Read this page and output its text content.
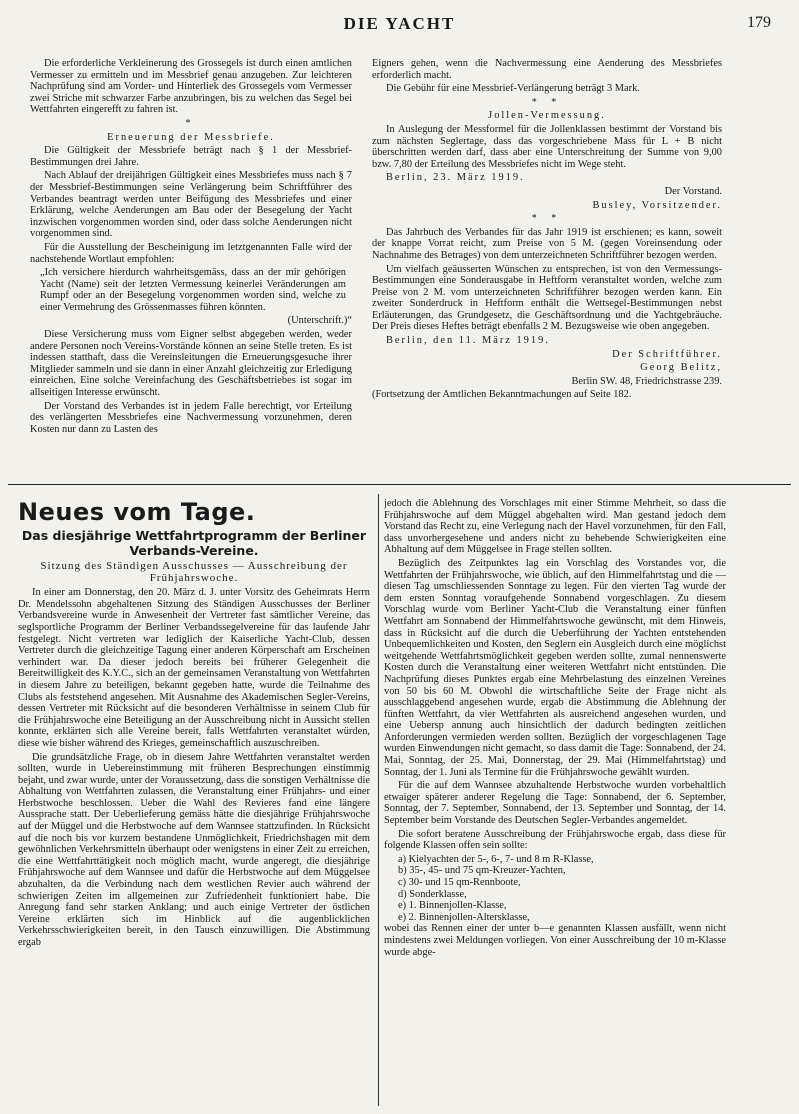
DIE YACHT	179

Die erforderliche Verkleinerung des Grossegels ist durch einen amtlichen Vermesser zu ermitteln und im Messbrief genau anzugeben. Zur leichteren Nachprüfung sind am Vorder- und Hinterliek des Grossegels vom Vermesser zwei Striche mit schwarzer Farbe anzubringen, bis zu welchen das Segel bei Wettfahrten eingerefft zu fahren ist.

*

Erneuerung der Messbriefe.

Die Gültigkeit der Messbriefe beträgt nach § 1 der Messbrief-Bestimmungen drei Jahre.

Nach Ablauf der dreijährigen Gültigkeit eines Messbriefes muss nach § 7 der Messbrief-Bestimmungen seine Verlängerung beim Schriftführer des Verbandes beantragt werden unter Beifügung des Messbriefes und einer Erklärung, welche Aenderungen am Bau oder der Besegelung der Yacht inzwischen vorgenommen worden sind, oder dass solche Aenderungen nicht vorgenommen sind.

Für die Ausstellung der Bescheinigung im letztgenannten Falle wird der nachstehende Wortlaut empfohlen:

„Ich versichere hierdurch wahrheitsgemäss, dass an der mir gehörigen Yacht (Name) seit der letzten Vermessung keinerlei Veränderungen am Rumpf oder an der Besegelung vorgenommen worden sind, welche zu einer Vermehrung des Grössenmasses führen könnten.

(Unterschrift.)“

Diese Versicherung muss vom Eigner selbst abgegeben werden, weder andere Personen noch Vereins-Vorstände können an seine Stelle treten. Es ist indessen statthaft, dass die Vereinsleitungen die Erneuerungsgesuche ihrer Mitglieder sammeln und sie dann in einer Anzahl gleichzeitig zur Erledigung einreichen. Eine solche Vereinfachung des Geschäftsbetriebes ist sogar im allseitigen Interesse erwünscht.

Der Vorstand des Verbandes ist in jedem Falle berechtigt, vor Erteilung des verlängerten Messbriefes eine Nachvermessung vorzunehmen, deren Kosten nur dann zu Lasten des

Eigners gehen, wenn die Nachvermessung eine Aenderung des Messbriefes erforderlich macht.

Die Gebühr für eine Messbrief-Verlängerung beträgt 3 Mark.

* *

Jollen-Vermessung.

In Auslegung der Messformel für die Jollenklassen bestimmt der Vorstand bis zum nächsten Seglertage, dass das vorgeschriebene Mass für L + B nicht überschritten werden darf, dass aber eine Unterschreitung der Summe von 9,00 bzw. 7,80 der Erteilung des Messbriefes nicht im Wege steht.

Berlin, 23. März 1919.

Der Vorstand.

Busley, Vorsitzender.

* *

Das Jahrbuch des Verbandes für das Jahr 1919 ist erschienen; es kann, soweit der knappe Vorrat reicht, zum Preise von 5 M. (gegen Voreinsendung oder Nachnahme des Betrages) von dem unterzeichneten Schriftführer bezogen werden.

Um vielfach geäusserten Wünschen zu entsprechen, ist von den Vermessungs-Bestimmungen eine Sonderausgabe in Heftform veranstaltet worden, welche zum Preise von 2 M. vom unterzeichneten Schriftführer bezogen werden kann. Ein zweiter Sonderdruck in Heftform enthält die Wettsegel-Bestimmungen nebst Erläuterungen, das Grundgesetz, die Geschäftsordnung und die Yachtgebräuche. Der Preis dieses Heftes beträgt ebenfalls 2 M. Bezugsweise wie oben angegeben.

Berlin, den 11. März 1919.

Der Schriftführer.

Georg Belitz,

Berlin SW. 48, Friedrichstrasse 239.

(Fortsetzung der Amtlichen Bekanntmachungen auf Seite 182.

Neues vom Tage.
Das diesjährige Wettfahrtprogramm der Berliner Verbands-Vereine.
Sitzung des Ständigen Ausschusses — Ausschreibung der Frühjahrswoche.

In einer am Donnerstag, den 20. März d. J. unter Vorsitz des Geheimrats Herrn Dr. Mendelssohn abgehaltenen Sitzung des Ständigen Ausschusses der Berliner Verbandsvereine wurde in Anwesenheit der Vertreter fast sämtlicher Vereine, das seglsportliche Programm der Berliner Verbandssegelvereine für das laufende Jahr festgelegt. Nicht vertreten war lediglich der Kaiserliche Yacht-Club, dessen Vertreter durch die gleichzeitige Tagung einer anderen Körperschaft am Erscheinen verhindert war. Da dieser jedoch bereits bei früherer Gelegenheit die Bereitwilligkeit des K.Y.C., sich an der gemeinsamen Veranstaltung von Wettfahrten in diesem Jahre zu beteiligen, bekannt gegeben hatte, wurde die Teilnahme des Clubs als feststehend angesehen. Mit Ausnahme des Akademischen Segler-Vereins, dessen Vertreter mit Rücksicht auf die besonderen Verhältnisse in seinem Club für die Frühjahrswoche eine Beteiligung an der Ausschreibung nicht in Aussicht stellen konnte, erklärten sich alle Vereine bereit, falls Wettfahrten veranstaltet würden, diese wie bisher während des Krieges, gemeinschaftlich auszuschreiben.

Die grundsätzliche Frage, ob in diesem Jahre Wettfahrten veranstaltet werden sollten, wurde in Uebereinstimmung mit früheren Besprechungen einstimmig bejaht, und zwar wurde, unter der Voraussetzung, dass die sonstigen Verhältnisse die Abhaltung von Wettfahrten zulassen, die Veranstaltung einer Frühjahrs- und einer Herbstwoche beschlossen. Ueber die Wahl des Revieres fand eine längere Aussprache statt. Der Ueberlieferung gemäss hätte die diesjährige Frühjahrswoche auf der Müggel und die Herbstwoche auf dem Wannsee stattzufinden. In Rücksicht auf die noch bis vor kurzem bestandene Unmöglichkeit, Friedrichshagen mit dem gewöhnlichen Verkehrsmitteln überhaupt oder wenigstens in einer Zeit zu erreichen, die eine Wettfahrttätigkeit noch möglich macht, wurde angeregt, die diesjährige Frühjahrswoche auf dem Wannsee und dafür die Herbstwoche auf dem Müggelsee abzuhalten, da die Verbindung nach dem westlichen Revier auch während der schwierigen Zeiten im allgemeinen zur Zufriedenheit funktioniert habe. Die Anregung fand sehr starken Anklang; und auch einige Vertreter der östlichen Vereine erklärten sich im Hinblick auf die augenblicklichen Verkehrsschwierigkeiten bereit, in den Tausch einzuwilligen. Die Abstimmung ergab

jedoch die Ablehnung des Vorschlages mit einer Stimme Mehrheit, so dass die Frühjahrswoche auf dem Müggel abgehalten wird. Man gestand jedoch dem Vorstand das Recht zu, eine Verlegung nach der Havel vorzunehmen, für den Fall, dass unvorhergesehene und anders nicht zu behebende Schwierigkeiten eine Abhaltung auf dem Müggelsee in Frage stellen sollten.

Bezüglich des Zeitpunktes lag ein Vorschlag des Vorstandes vor, die Wettfahrten der Frühjahrswoche, wie üblich, auf den Himmelfahrtstag und die — diesen Tag umschliessenden Sonntage zu legen. Für den vierten Tag wurde der dem ersten Sonntag voraufgehende Sonnabend vorgeschlagen. Zu diesem Vorschlag wurde vom Berliner Yacht-Club die Veranstaltung einer fünften Wettfahrt am Sonnabend der Himmelfahrtswoche gewünscht, mit dem Hinweis, dass in Rücksicht auf die durch die Ueberführung der Yachten entstehenden Unbequemlichkeiten und Kosten, den Seglern ein Ausgleich durch eine möglichst weitgehende Wettfahrtsmöglichkeit gegeben werden sollte, zumal nennenswerte Kosten durch die Veranstaltung einer weiteren Wettfahrt nicht entstünden. Die Nachprüfung dieses Punktes ergab eine Mehrbelastung des einzelnen Vereines von 50 bis 60 M. Obwohl die wirtschaftliche Seite der Frage nicht als ausschlaggebend angesehen wurde, ergab die Abstimmung die Ablehnung der fünften Wettfahrt, da vier Wettfahrten als ausreichend angesehen wurden, und eine Uebersp annung auch hinsichtlich der dadurch bedingten zeitlichen Anforderungen vermieden werden sollten. Bezüglich der vorgeschlagenen Tage wurden Einwendungen nicht gemacht, so dass damit die Tage: Sonnabend, der 24. Mai, Sonntag, der 25. Mai, Donnerstag, der 29. Mai (Himmelfahrtstag) und Sonntag, der 1. Juni als Termine für die Frühjahrswoche gewählt wurden.

Für die auf dem Wannsee abzuhaltende Herbstwoche wurden vorbehaltlich etwaiger späterer anderer Regelung die Tage: Sonnabend, der 6. September, Sonntag, der 7. September, Sonnabend, der 13. September und Sonntag, der 14. September beim Vorstande des Deutschen Segler-Verbandes angemeldet.

Die sofort beratene Ausschreibung der Frühjahrswoche ergab, dass diese für folgende Klassen offen sein sollte:

a) Kielyachten der 5-, 6-, 7- und 8 m R-Klasse,
b) 35-, 45- und 75 qm-Kreuzer-Yachten,
c) 30- und 15 qm-Rennboote,
d) Sonderklasse,
e) 1. Binnenjollen-Klasse,
e) 2. Binnenjollen-Altersklasse,

wobei das Rennen einer der unter b—e genannten Klassen ausfällt, wenn nicht mindestens zwei Meldungen vorliegen. Von einer Ausschreibung der 10 m-Klasse wurde abge-
